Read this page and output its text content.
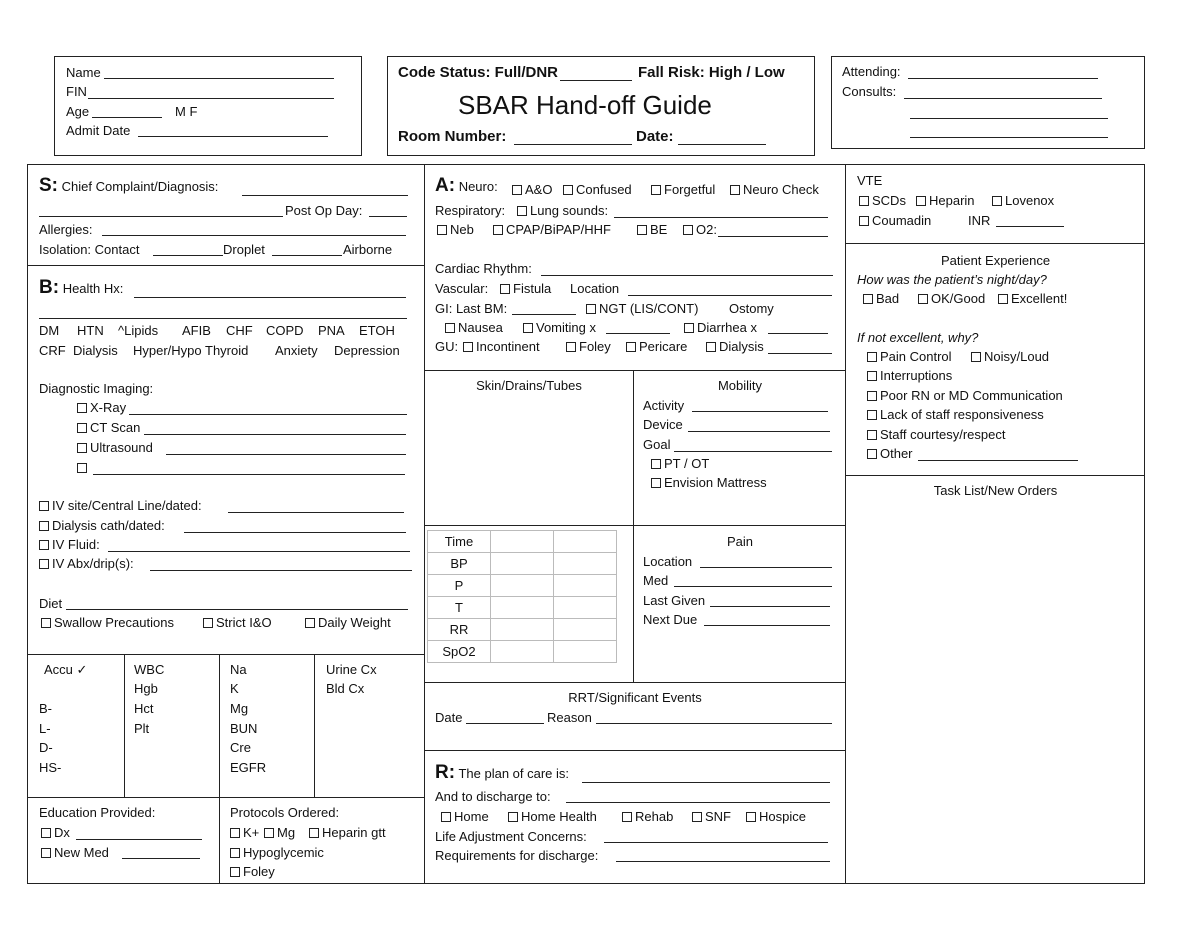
Name
FIN
Age	M F
Admit Date
Code Status: Full/DNR	Fall Risk: High / Low
SBAR Hand-off Guide
Room Number:	Date:
Attending:
Consults:
S: Chief Complaint/Diagnosis:
Post Op Day:
Allergies:
Isolation: Contact	Droplet	Airborne
B: Health Hx:
DM HTN ^Lipids AFIB CHF COPD PNA ETOH
CRF Dialysis Hyper/Hypo Thyroid Anxiety Depression
Diagnostic Imaging:
X-Ray
CT Scan
Ultrasound
IV site/Central Line/dated:
Dialysis cath/dated:
IV Fluid:
IV Abx/drip(s):
Diet
Swallow Precautions	Strict I&O	Daily Weight
Accu ✓
B-
L-
D-
HS-
WBC
Hgb
Hct
Plt
Na
K
Mg
BUN
Cre
EGFR
Urine Cx
Bld Cx
Education Provided:
Dx
New Med
Protocols Ordered:
K+	Mg	Heparin gtt
Hypoglycemic
Foley
A: Neuro:	A&O	Confused	Forgetful	Neuro Check
Respiratory:	Lung sounds:
Neb	CPAP/BiPAP/HHF	BE	O2:
Cardiac Rhythm:
Vascular:	Fistula Location
GI: Last BM:	NGT (LIS/CONT) Ostomy
Nausea	Vomiting x	Diarrhea x
GU:	Incontinent	Foley	Pericare	Dialysis
Skin/Drains/Tubes	Mobility
Activity
Device
Goal
PT / OT
Envision Mattress
Time		
BP		
P		
T		
RR		
SpO2		
Pain
Location
Med
Last Given
Next Due
RRT/Significant Events
Date	Reason
R: The plan of care is:
And to discharge to:
Home	Home Health	Rehab	SNF	Hospice
Life Adjustment Concerns:
Requirements for discharge:
VTE
SCDs	Heparin	Lovenox
Coumadin	INR
Patient Experience
How was the patient’s night/day?
Bad	OK/Good	Excellent!
If not excellent, why?
Pain Control	Noisy/Loud
Interruptions
Poor RN or MD Communication
Lack of staff responsiveness
Staff courtesy/respect
Other
Task List/New Orders
